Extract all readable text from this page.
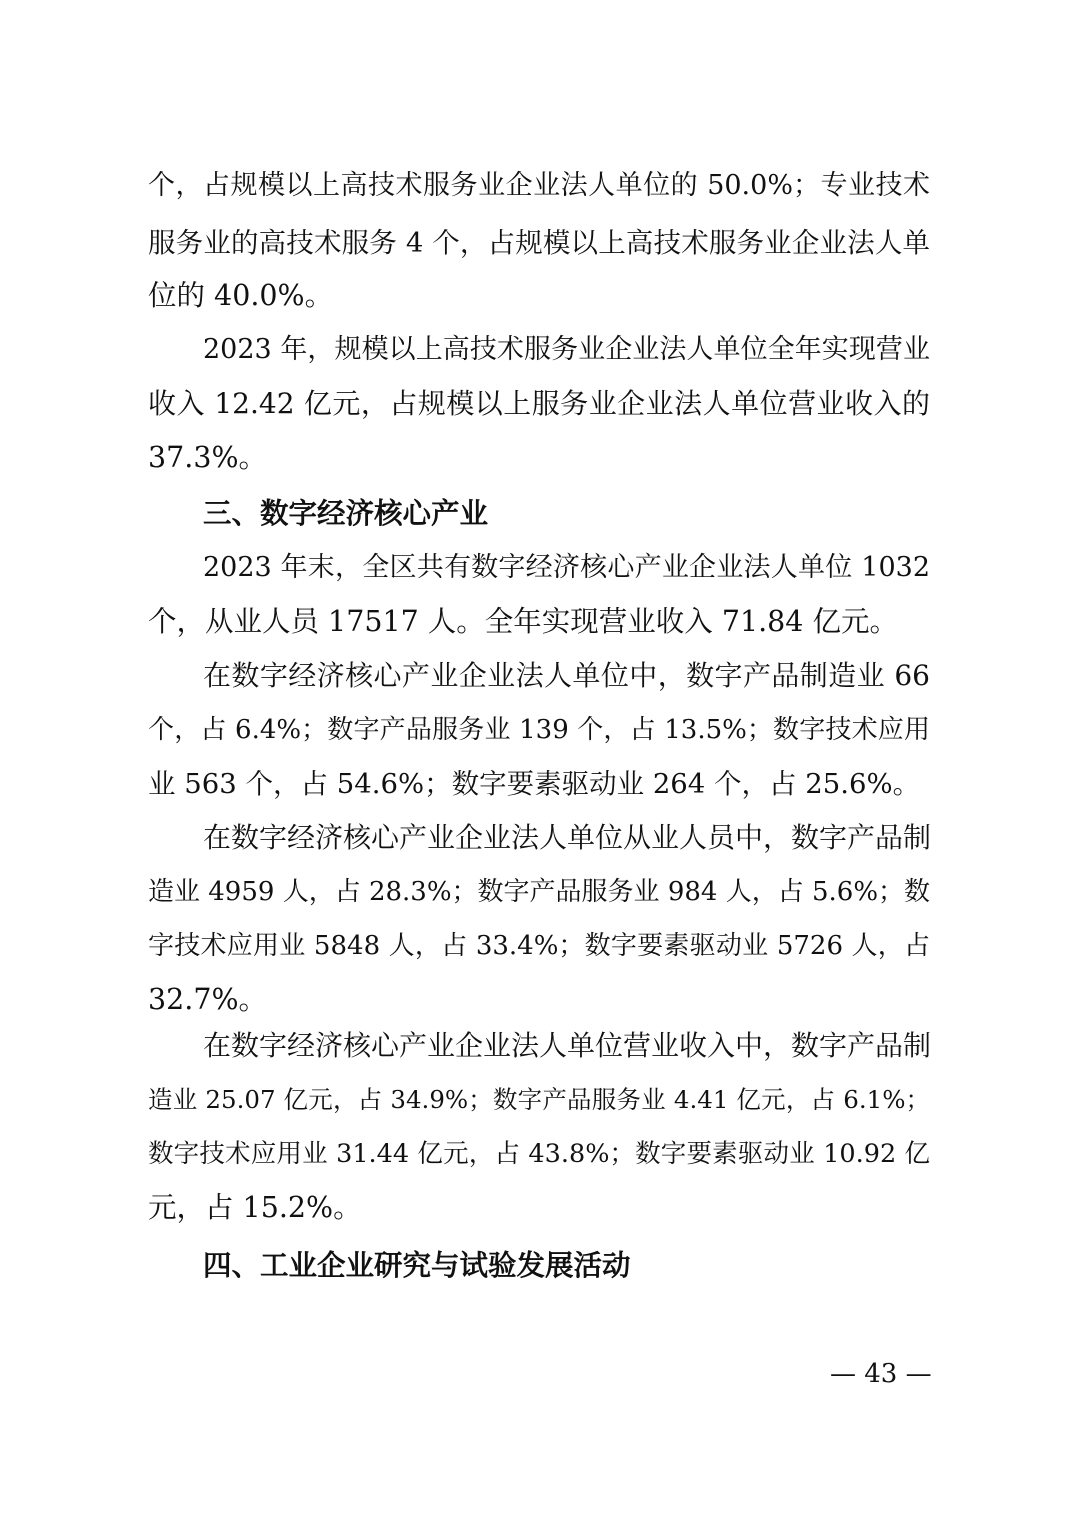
个，占规模以上高技术服务业企业法人单位的 50.0%；专业技术
服务业的高技术服务 4 个，占规模以上高技术服务业企业法人单
位的 40.0%。
2023 年，规模以上高技术服务业企业法人单位全年实现营业
收入 12.42 亿元，占规模以上服务业企业法人单位营业收入的
37.3%。
三、数字经济核心产业
2023 年末，全区共有数字经济核心产业企业法人单位 1032
个，从业人员 17517 人。全年实现营业收入 71.84 亿元。
在数字经济核心产业企业法人单位中，数字产品制造业 66
个，占 6.4%；数字产品服务业 139 个，占 13.5%；数字技术应用
业 563 个，占 54.6%；数字要素驱动业 264 个，占 25.6%。
在数字经济核心产业企业法人单位从业人员中，数字产品制
造业 4959 人，占 28.3%；数字产品服务业 984 人，占 5.6%；数
字技术应用业 5848 人，占 33.4%；数字要素驱动业 5726 人，占
32.7%。
在数字经济核心产业企业法人单位营业收入中，数字产品制
造业 25.07 亿元，占 34.9%；数字产品服务业 4.41 亿元，占 6.1%；
数字技术应用业 31.44 亿元，占 43.8%；数字要素驱动业 10.92 亿
元，占 15.2%。
四、工业企业研究与试验发展活动
— 43 —
